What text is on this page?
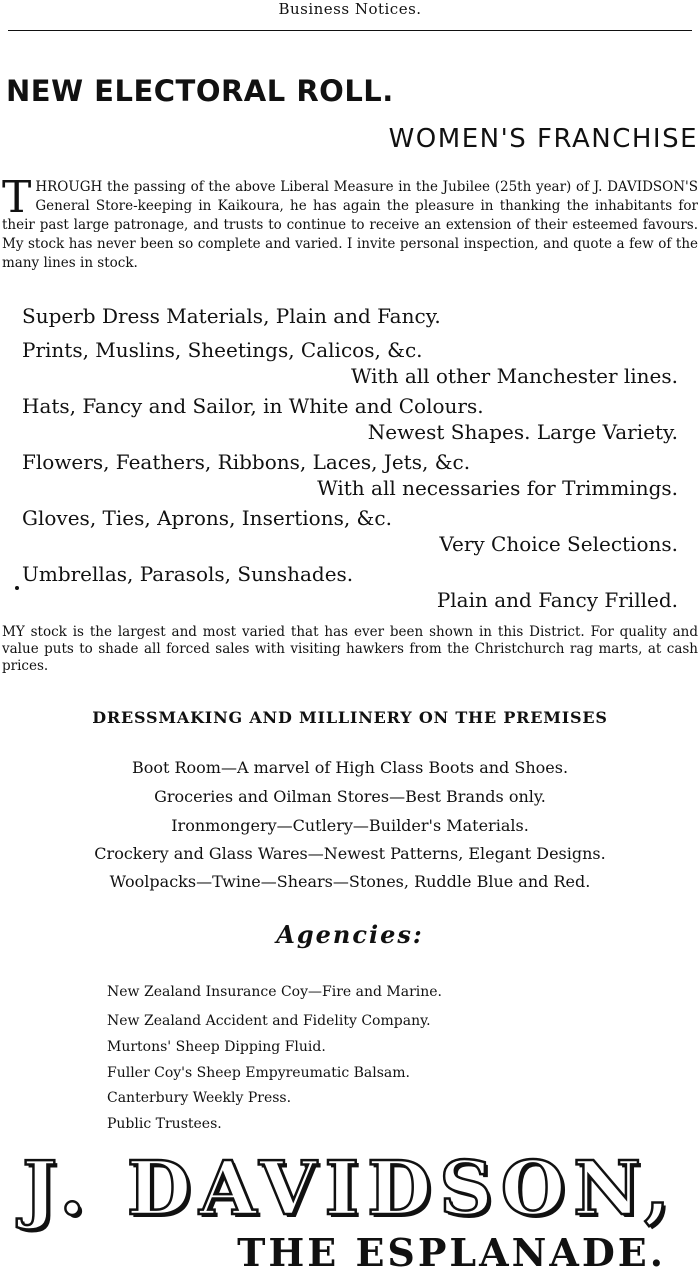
Business Notices.
NEW ELECTORAL ROLL.
WOMEN'S FRANCHISE
T HROUGH the passing of the above Liberal Measure in the Jubilee (25th year) of J. DAVIDSON'S General Store-keeping in Kaikoura, he has again the pleasure in thanking the inhabitants for their past large patronage, and trusts to continue to receive an extension of their esteemed favours. My stock has never been so complete and varied. I invite personal inspection, and quote a few of the many lines in stock.
Superb Dress Materials, Plain and Fancy.
Prints, Muslins, Sheetings, Calicos, &c.
With all other Manchester lines.
Hats, Fancy and Sailor, in White and Colours.
Newest Shapes. Large Variety.
Flowers, Feathers, Ribbons, Laces, Jets, &c.
With all necessaries for Trimmings.
Gloves, Ties, Aprons, Insertions, &c.
Very Choice Selections.
Umbrellas, Parasols, Sunshades.
Plain and Fancy Frilled.
MY stock is the largest and most varied that has ever been shown in this District. For quality and value puts to shade all forced sales with visiting hawkers from the Christchurch rag marts, at cash prices.
DRESSMAKING AND MILLINERY ON THE PREMISES
Boot Room—A marvel of High Class Boots and Shoes.
Groceries and Oilman Stores—Best Brands only.
Ironmongery—Cutlery—Builder's Materials.
Crockery and Glass Wares—Newest Patterns, Elegant Designs.
Woolpacks—Twine—Shears—Stones, Ruddle Blue and Red.
Agencies:
New Zealand Insurance Coy—Fire and Marine.
New Zealand Accident and Fidelity Company.
Murtons' Sheep Dipping Fluid.
Fuller Coy's Sheep Empyreumatic Balsam.
Canterbury Weekly Press.
Public Trustees.
J. DAVIDSON,
THE ESPLANADE.
